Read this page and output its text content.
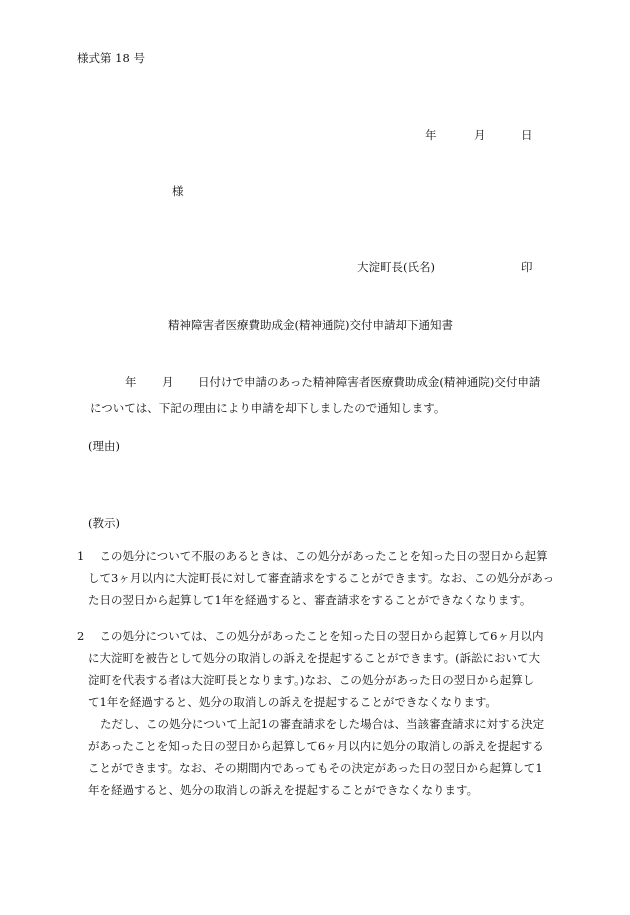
様式第 18 号
年	月	日
様
大淀町長(氏名)	印
精神障害者医療費助成金(精神通院)交付申請却下通知書
年 月 日付けで申請のあった精神障害者医療費助成金(精神通院)交付申請
については、下記の理由により申請を却下しましたので通知します。
(理由)
(教示)
1　 この処分について不服のあるときは、この処分があったことを知った日の翌日から起算
して3ヶ月以内に大淀町長に対して審査請求をすることができます。なお、この処分があっ
た日の翌日から起算して1年を経過すると、審査請求をすることができなくなります。
2　 この処分については、この処分があったことを知った日の翌日から起算して6ヶ月以内
に大淀町を被告として処分の取消しの訴えを提起することができます。(訴訟において大
淀町を代表する者は大淀町長となります。)なお、この処分があった日の翌日から起算し
て1年を経過すると、処分の取消しの訴えを提起することができなくなります。
ただし、この処分について上記1の審査請求をした場合は、当該審査請求に対する決定
があったことを知った日の翌日から起算して6ヶ月以内に処分の取消しの訴えを提起する
ことができます。なお、その期間内であってもその決定があった日の翌日から起算して1
年を経過すると、処分の取消しの訴えを提起することができなくなります。
